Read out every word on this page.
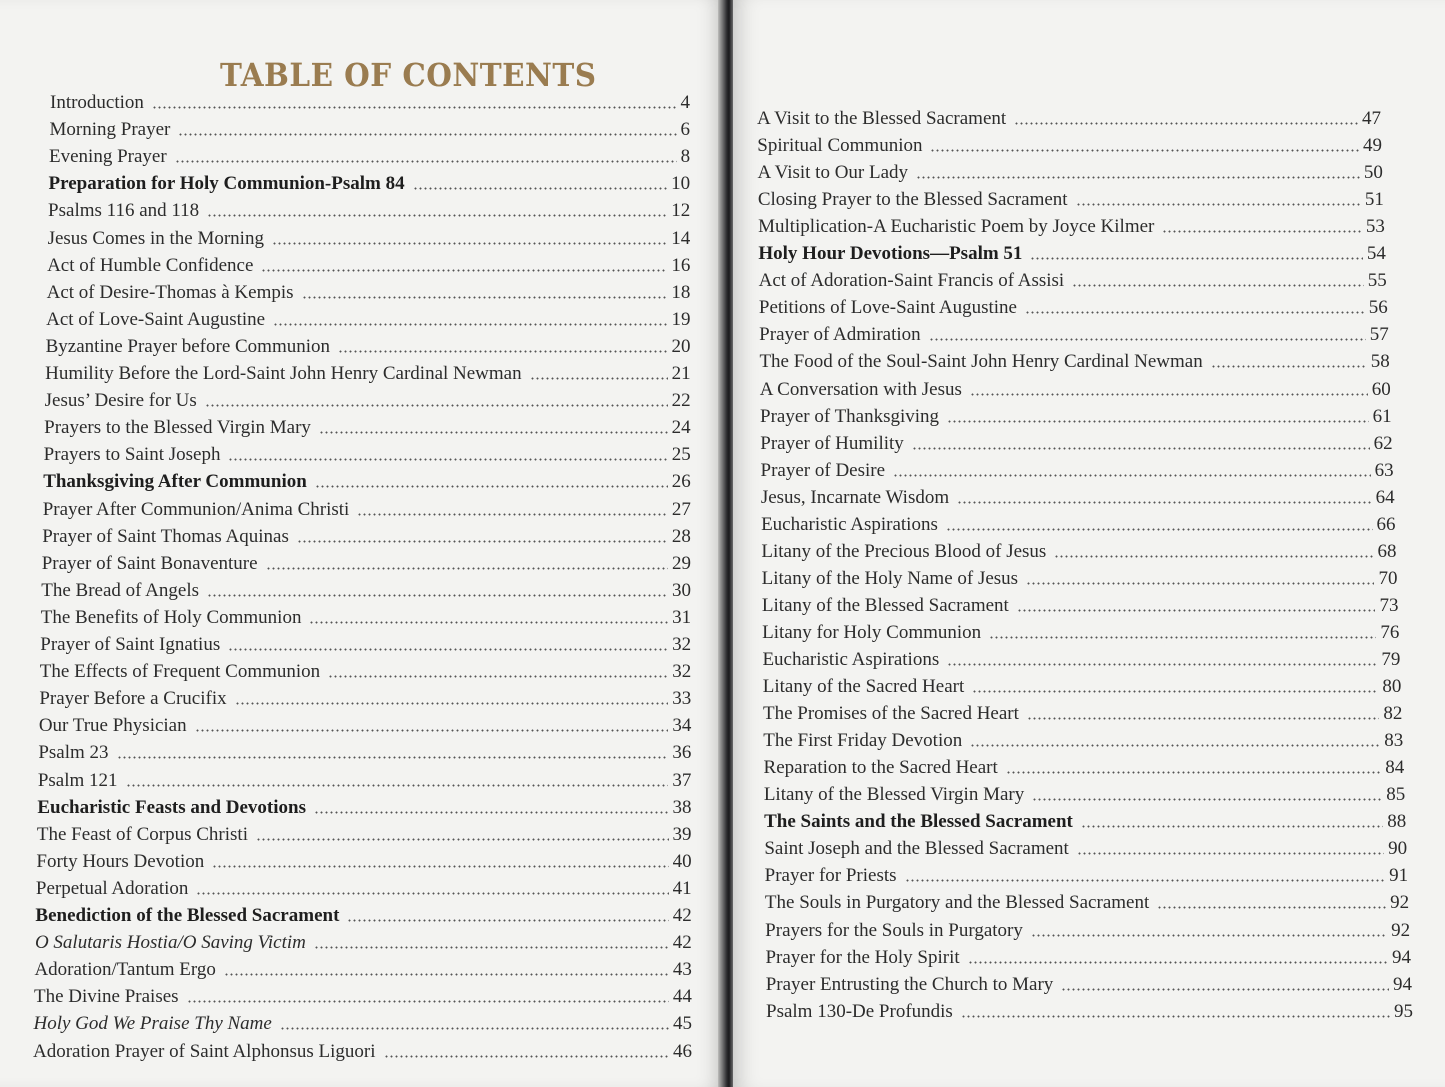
TABLE OF CONTENTS
Introduction	4
Morning Prayer	6
Evening Prayer	8
Preparation for Holy Communion-Psalm 84	10
Psalms 116 and 118	12
Jesus Comes in the Morning	14
Act of Humble Confidence	16
Act of Desire-Thomas à Kempis	18
Act of Love-Saint Augustine	19
Byzantine Prayer before Communion	20
Humility Before the Lord-Saint John Henry Cardinal Newman	21
Jesus’ Desire for Us	22
Prayers to the Blessed Virgin Mary	24
Prayers to Saint Joseph	25
Thanksgiving After Communion	26
Prayer After Communion/Anima Christi	27
Prayer of Saint Thomas Aquinas	28
Prayer of Saint Bonaventure	29
The Bread of Angels	30
The Benefits of Holy Communion	31
Prayer of Saint Ignatius	32
The Effects of Frequent Communion	32
Prayer Before a Crucifix	33
Our True Physician	34
Psalm 23	36
Psalm 121	37
Eucharistic Feasts and Devotions	38
The Feast of Corpus Christi	39
Forty Hours Devotion	40
Perpetual Adoration	41
Benediction of the Blessed Sacrament	42
O Salutaris Hostia/O Saving Victim	42
Adoration/Tantum Ergo	43
The Divine Praises	44
Holy God We Praise Thy Name	45
Adoration Prayer of Saint Alphonsus Liguori	46
A Visit to the Blessed Sacrament	47
Spiritual Communion	49
A Visit to Our Lady	50
Closing Prayer to the Blessed Sacrament	51
Multiplication-A Eucharistic Poem by Joyce Kilmer	53
Holy Hour Devotions—Psalm 51	54
Act of Adoration-Saint Francis of Assisi	55
Petitions of Love-Saint Augustine	56
Prayer of Admiration	57
The Food of the Soul-Saint John Henry Cardinal Newman	58
A Conversation with Jesus	60
Prayer of Thanksgiving	61
Prayer of Humility	62
Prayer of Desire	63
Jesus, Incarnate Wisdom	64
Eucharistic Aspirations	66
Litany of the Precious Blood of Jesus	68
Litany of the Holy Name of Jesus	70
Litany of the Blessed Sacrament	73
Litany for Holy Communion	76
Eucharistic Aspirations	79
Litany of the Sacred Heart	80
The Promises of the Sacred Heart	82
The First Friday Devotion	83
Reparation to the Sacred Heart	84
Litany of the Blessed Virgin Mary	85
The Saints and the Blessed Sacrament	88
Saint Joseph and the Blessed Sacrament	90
Prayer for Priests	91
The Souls in Purgatory and the Blessed Sacrament	92
Prayers for the Souls in Purgatory	92
Prayer for the Holy Spirit	94
Prayer Entrusting the Church to Mary	94
Psalm 130-De Profundis	95
